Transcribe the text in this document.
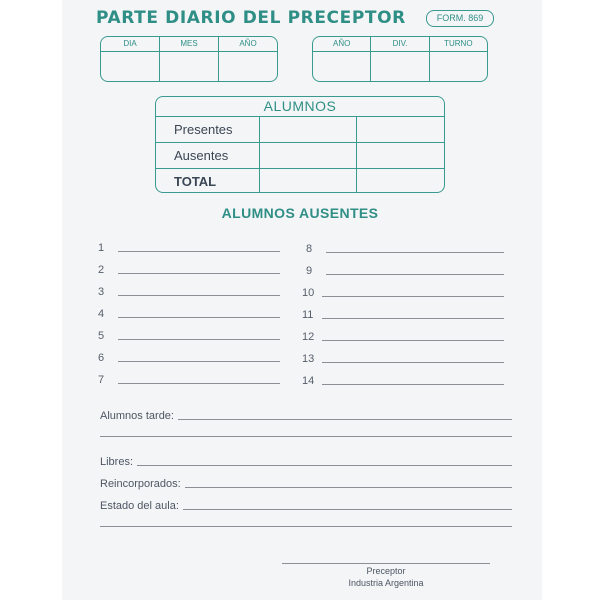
PARTE DIARIO DEL PRECEPTOR	FORM. 869
DIA	MES	AÑO	AÑO	DIV.	TURNO
ALUMNOS
Presentes
Ausentes
TOTAL
ALUMNOS AUSENTES
1
2
3
4
5
6
7
8
9
10
11
12
13
14
Alumnos tarde:
Libres:
Reincorporados:
Estado del aula:
Preceptor
Industria Argentina
